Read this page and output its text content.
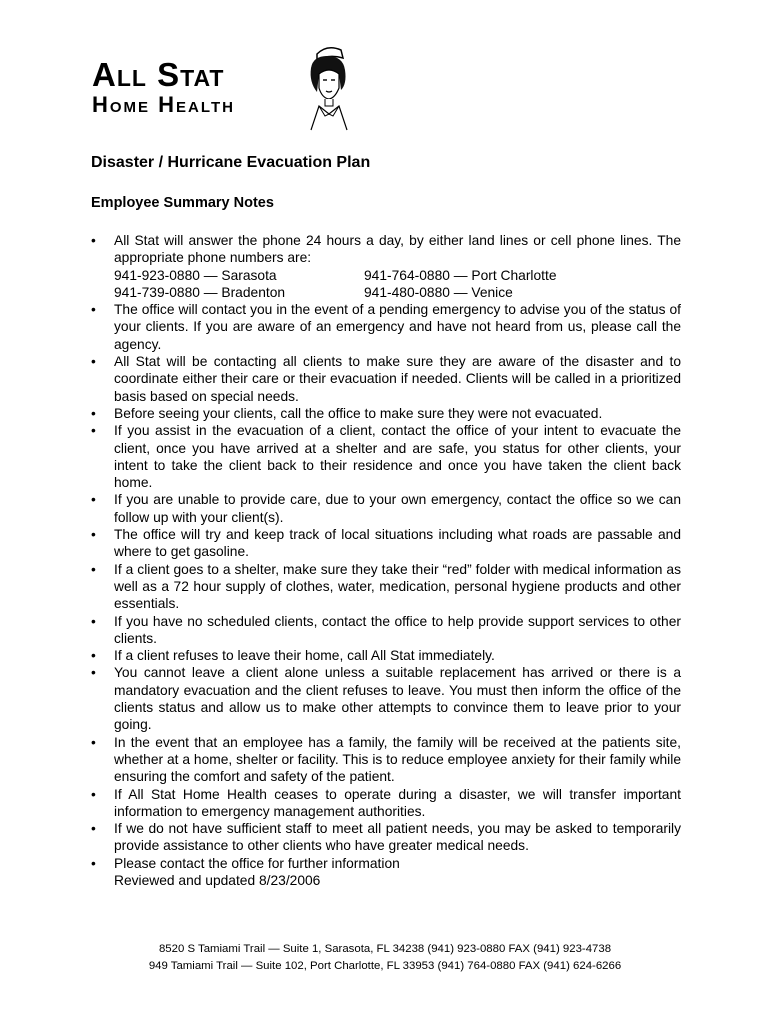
All Stat
Home Health
Disaster / Hurricane Evacuation Plan
Employee Summary Notes
• All Stat will answer the phone 24 hours a day, by either land lines or cell phone lines. The appropriate phone numbers are:
941-923-0880 — Sarasota	941-764-0880 — Port Charlotte
941-739-0880 — Bradenton	941-480-0880 — Venice
• The office will contact you in the event of a pending emergency to advise you of the status of your clients. If you are aware of an emergency and have not heard from us, please call the agency.
• All Stat will be contacting all clients to make sure they are aware of the disaster and to coordinate either their care or their evacuation if needed. Clients will be called in a prioritized basis based on special needs.
• Before seeing your clients, call the office to make sure they were not evacuated.
• If you assist in the evacuation of a client, contact the office of your intent to evacuate the client, once you have arrived at a shelter and are safe, you status for other clients, your intent to take the client back to their residence and once you have taken the client back home.
• If you are unable to provide care, due to your own emergency, contact the office so we can follow up with your client(s).
• The office will try and keep track of local situations including what roads are passable and where to get gasoline.
• If a client goes to a shelter, make sure they take their “red” folder with medical information as well as a 72 hour supply of clothes, water, medication, personal hygiene products and other essentials.
• If you have no scheduled clients, contact the office to help provide support services to other clients.
• If a client refuses to leave their home, call All Stat immediately.
• You cannot leave a client alone unless a suitable replacement has arrived or there is a mandatory evacuation and the client refuses to leave. You must then inform the office of the clients status and allow us to make other attempts to convince them to leave prior to your going.
• In the event that an employee has a family, the family will be received at the patients site, whether at a home, shelter or facility. This is to reduce employee anxiety for their family while ensuring the comfort and safety of the patient.
• If All Stat Home Health ceases to operate during a disaster, we will transfer important information to emergency management authorities.
• If we do not have sufficient staff to meet all patient needs, you may be asked to temporarily provide assistance to other clients who have greater medical needs.
• Please contact the office for further information
Reviewed and updated 8/23/2006
8520 S Tamiami Trail — Suite 1, Sarasota, FL 34238 (941) 923-0880 FAX (941) 923-4738
949 Tamiami Trail — Suite 102, Port Charlotte, FL 33953 (941) 764-0880 FAX (941) 624-6266
